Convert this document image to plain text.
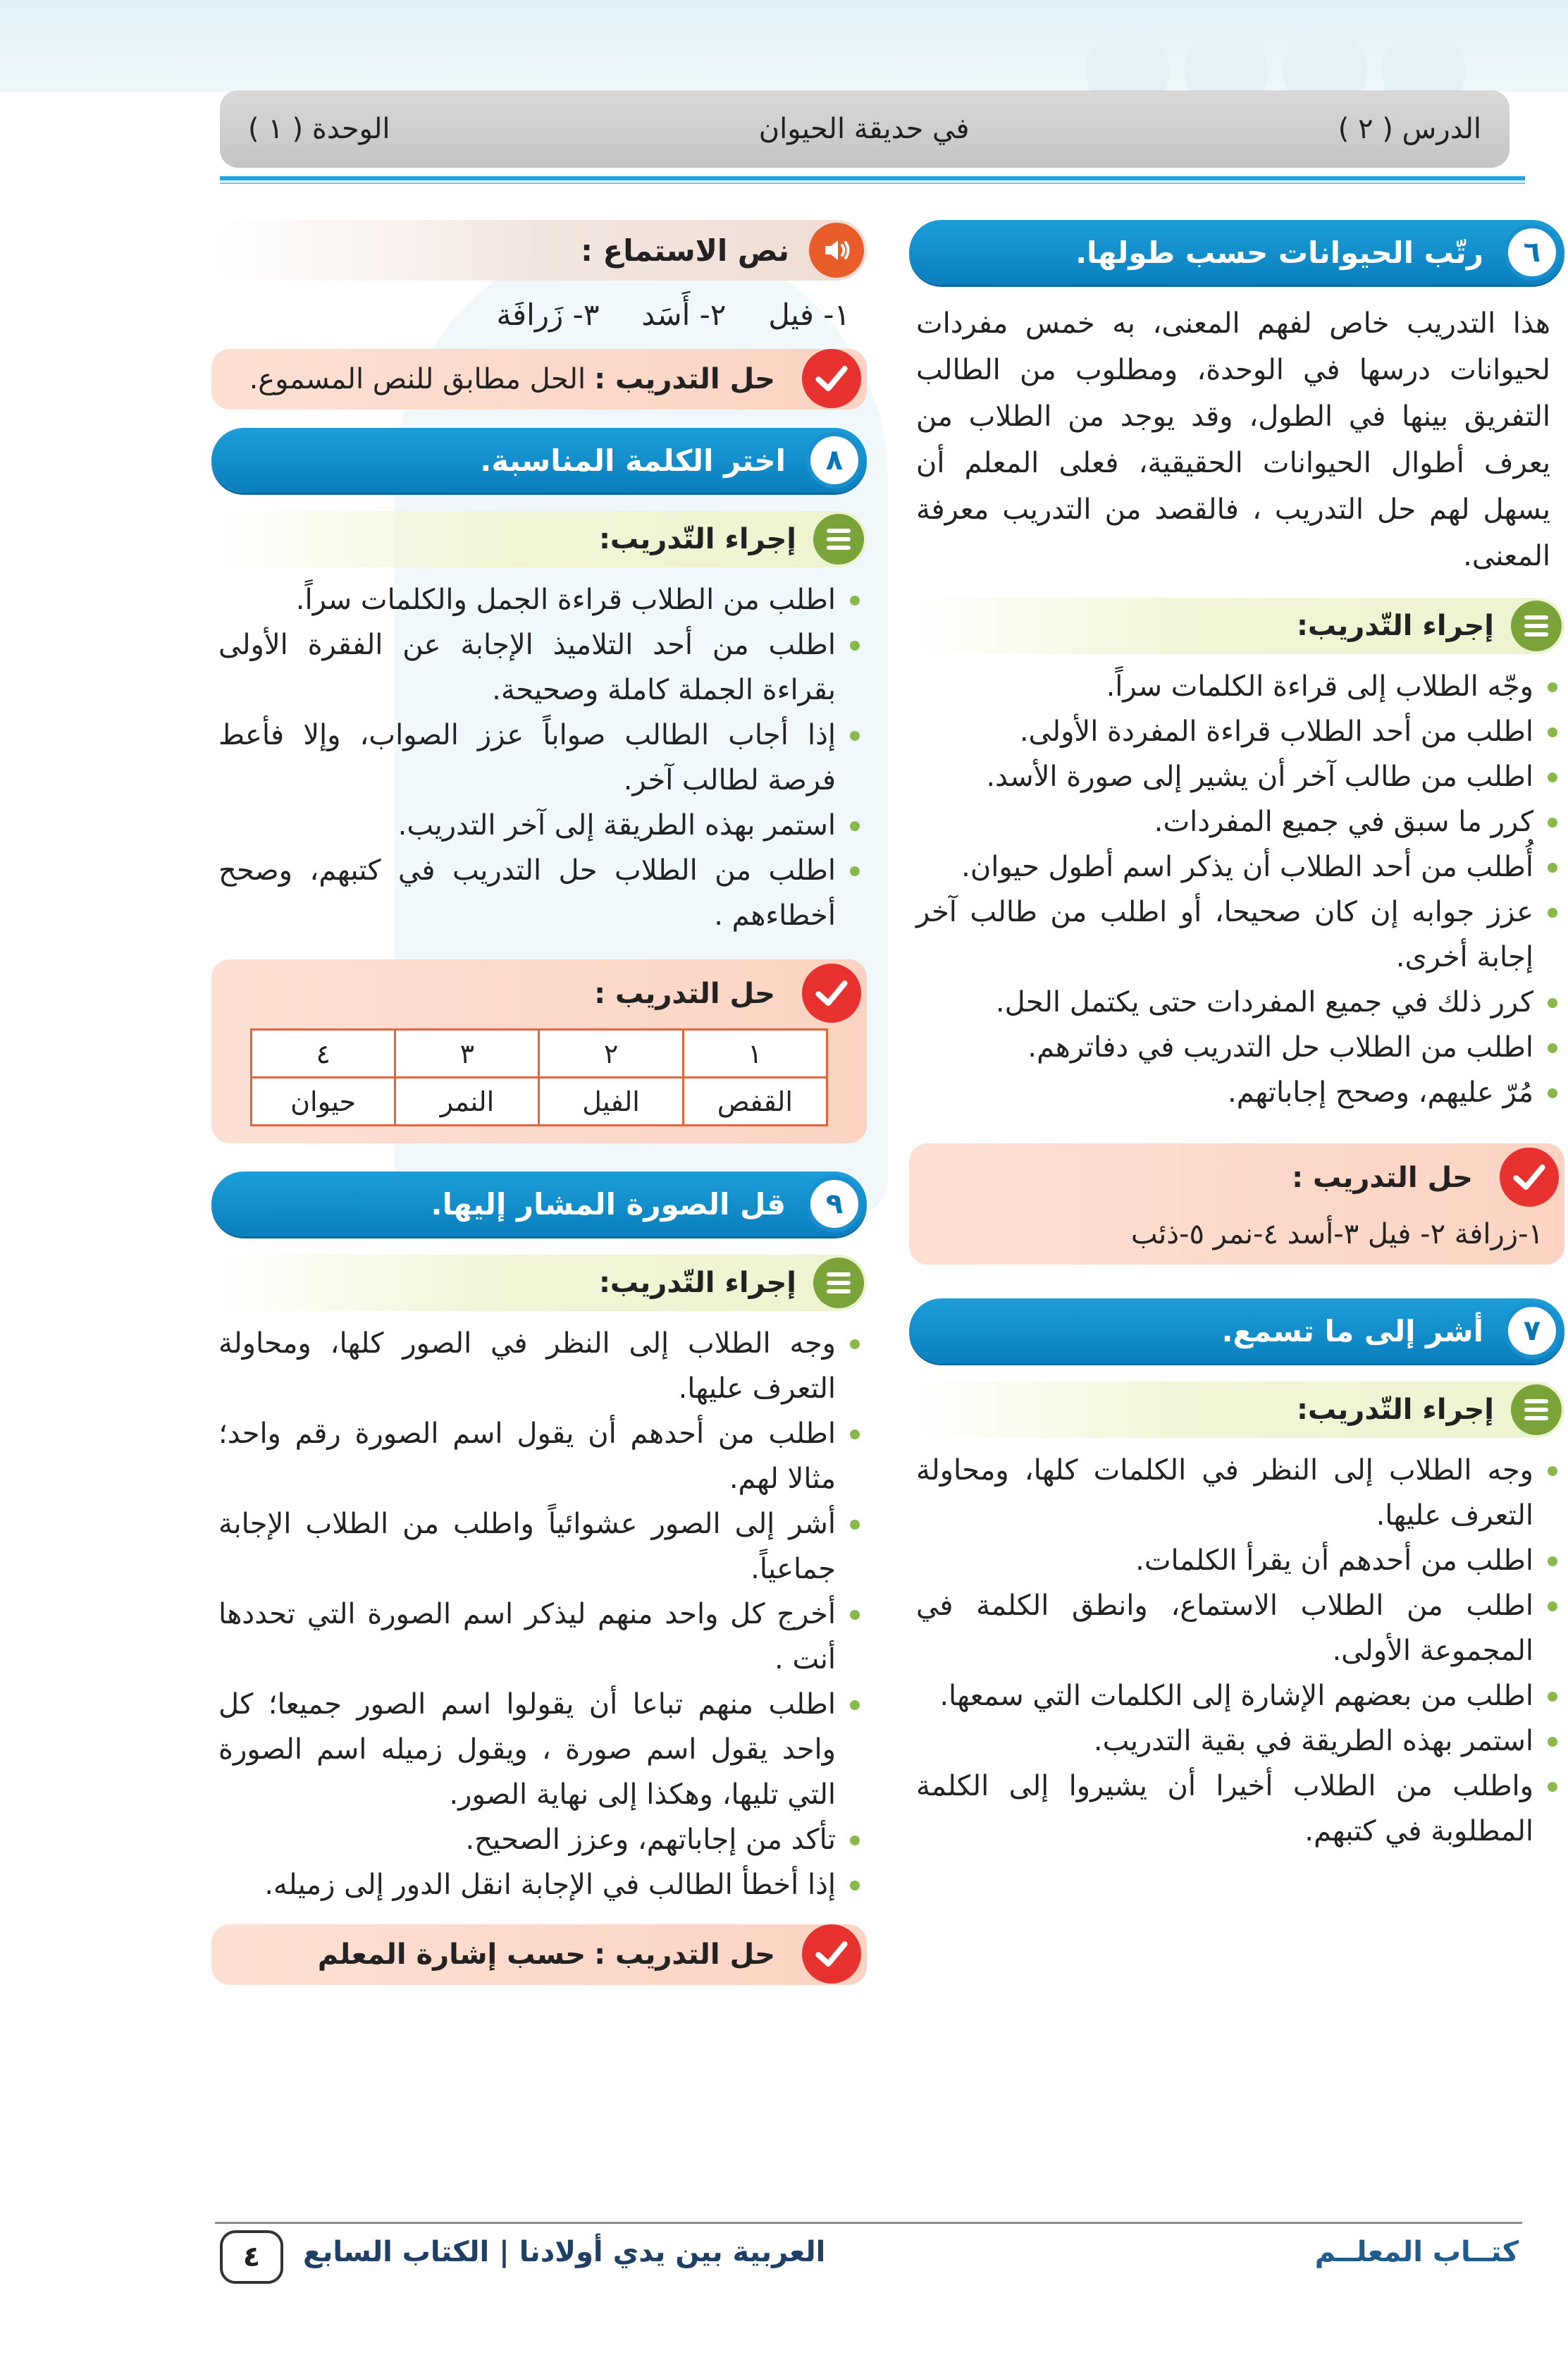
الدرس ( ٢ )
في حديقة الحيوان
الوحدة ( ١ )
٦
رتّب الحيوانات حسب طولها.

هذا التدريب خاص لفهم المعنى، به خمس مفردات لحيوانات درسها في الوحدة، ومطلوب من الطالب التفريق بينها في الطول، وقد يوجد من الطلاب من يعرف أطوال الحيوانات الحقيقية، فعلى المعلم أن يسهل لهم حل التدريب ، فالقصد من التدريب معرفة المعنى.

إجراء التّدريب:
وجّه الطلاب إلى قراءة الكلمات سراً.
اطلب من أحد الطلاب قراءة المفردة الأولى.
اطلب من طالب آخر أن يشير إلى صورة الأسد.
كرر ما سبق في جميع المفردات.
أُطلب من أحد الطلاب أن يذكر اسم أطول حيوان.
عزز جوابه إن كان صحيحا، أو اطلب من طالب آخر إجابة أخرى.
كرر ذلك في جميع المفردات حتى يكتمل الحل.
اطلب من الطلاب حل التدريب في دفاترهم.
مُرّ عليهم، وصحح إجاباتهم.
حل التدريب :
١-زرافة ٢- فيل ٣-أسد ٤-نمر ٥-ذئب
٧
أشر إلى ما تسمع.
إجراء التّدريب:
وجه الطلاب إلى النظر في الكلمات كلها، ومحاولة التعرف عليها.
اطلب من أحدهم أن يقرأ الكلمات.
اطلب من الطلاب الاستماع، وانطق الكلمة في المجموعة الأولى.
اطلب من بعضهم الإشارة إلى الكلمات التي سمعها.
استمر بهذه الطريقة في بقية التدريب.
واطلب من الطلاب أخيرا أن يشيروا إلى الكلمة المطلوبة في كتبهم.
نص الاستماع :
١- فيل
٢- أَسَد
٣- زَرافَة
حل التدريب :
الحل مطابق للنص المسموع.
٨
اختر الكلمة المناسبة.
إجراء التّدريب:
اطلب من الطلاب قراءة الجمل والكلمات سراً.
اطلب من أحد التلاميذ الإجابة عن الفقرة الأولى بقراءة الجملة كاملة وصحيحة.
إذا أجاب الطالب صواباً عزز الصواب، وإلا فأعط فرصة لطالب آخر.
استمر بهذه الطريقة إلى آخر التدريب.
اطلب من الطلاب حل التدريب في كتبهم، وصحح أخطاءهم .
حل التدريب :
١	٢	٣	٤
القفص	الفيل	النمر	حيوان
٩
قل الصورة المشار إليها.
إجراء التّدريب:
وجه الطلاب إلى النظر في الصور كلها، ومحاولة التعرف عليها.
اطلب من أحدهم أن يقول اسم الصورة رقم واحد؛ مثالا لهم.
أشر إلى الصور عشوائياً واطلب من الطلاب الإجابة جماعياً.
أخرج كل واحد منهم ليذكر اسم الصورة التي تحددها أنت .
اطلب منهم تباعا أن يقولوا اسم الصور جميعا؛ كل واحد يقول اسم صورة ، ويقول زميله اسم الصورة التي تليها، وهكذا إلى نهاية الصور.
تأكد من إجاباتهم، وعزز الصحيح.
إذا أخطأ الطالب في الإجابة انقل الدور إلى زميله.
حل التدريب :
حسب إشارة المعلم
كتــاب المعلــم
العربية بين يدي أولادنا | الكتاب السابع
٤
